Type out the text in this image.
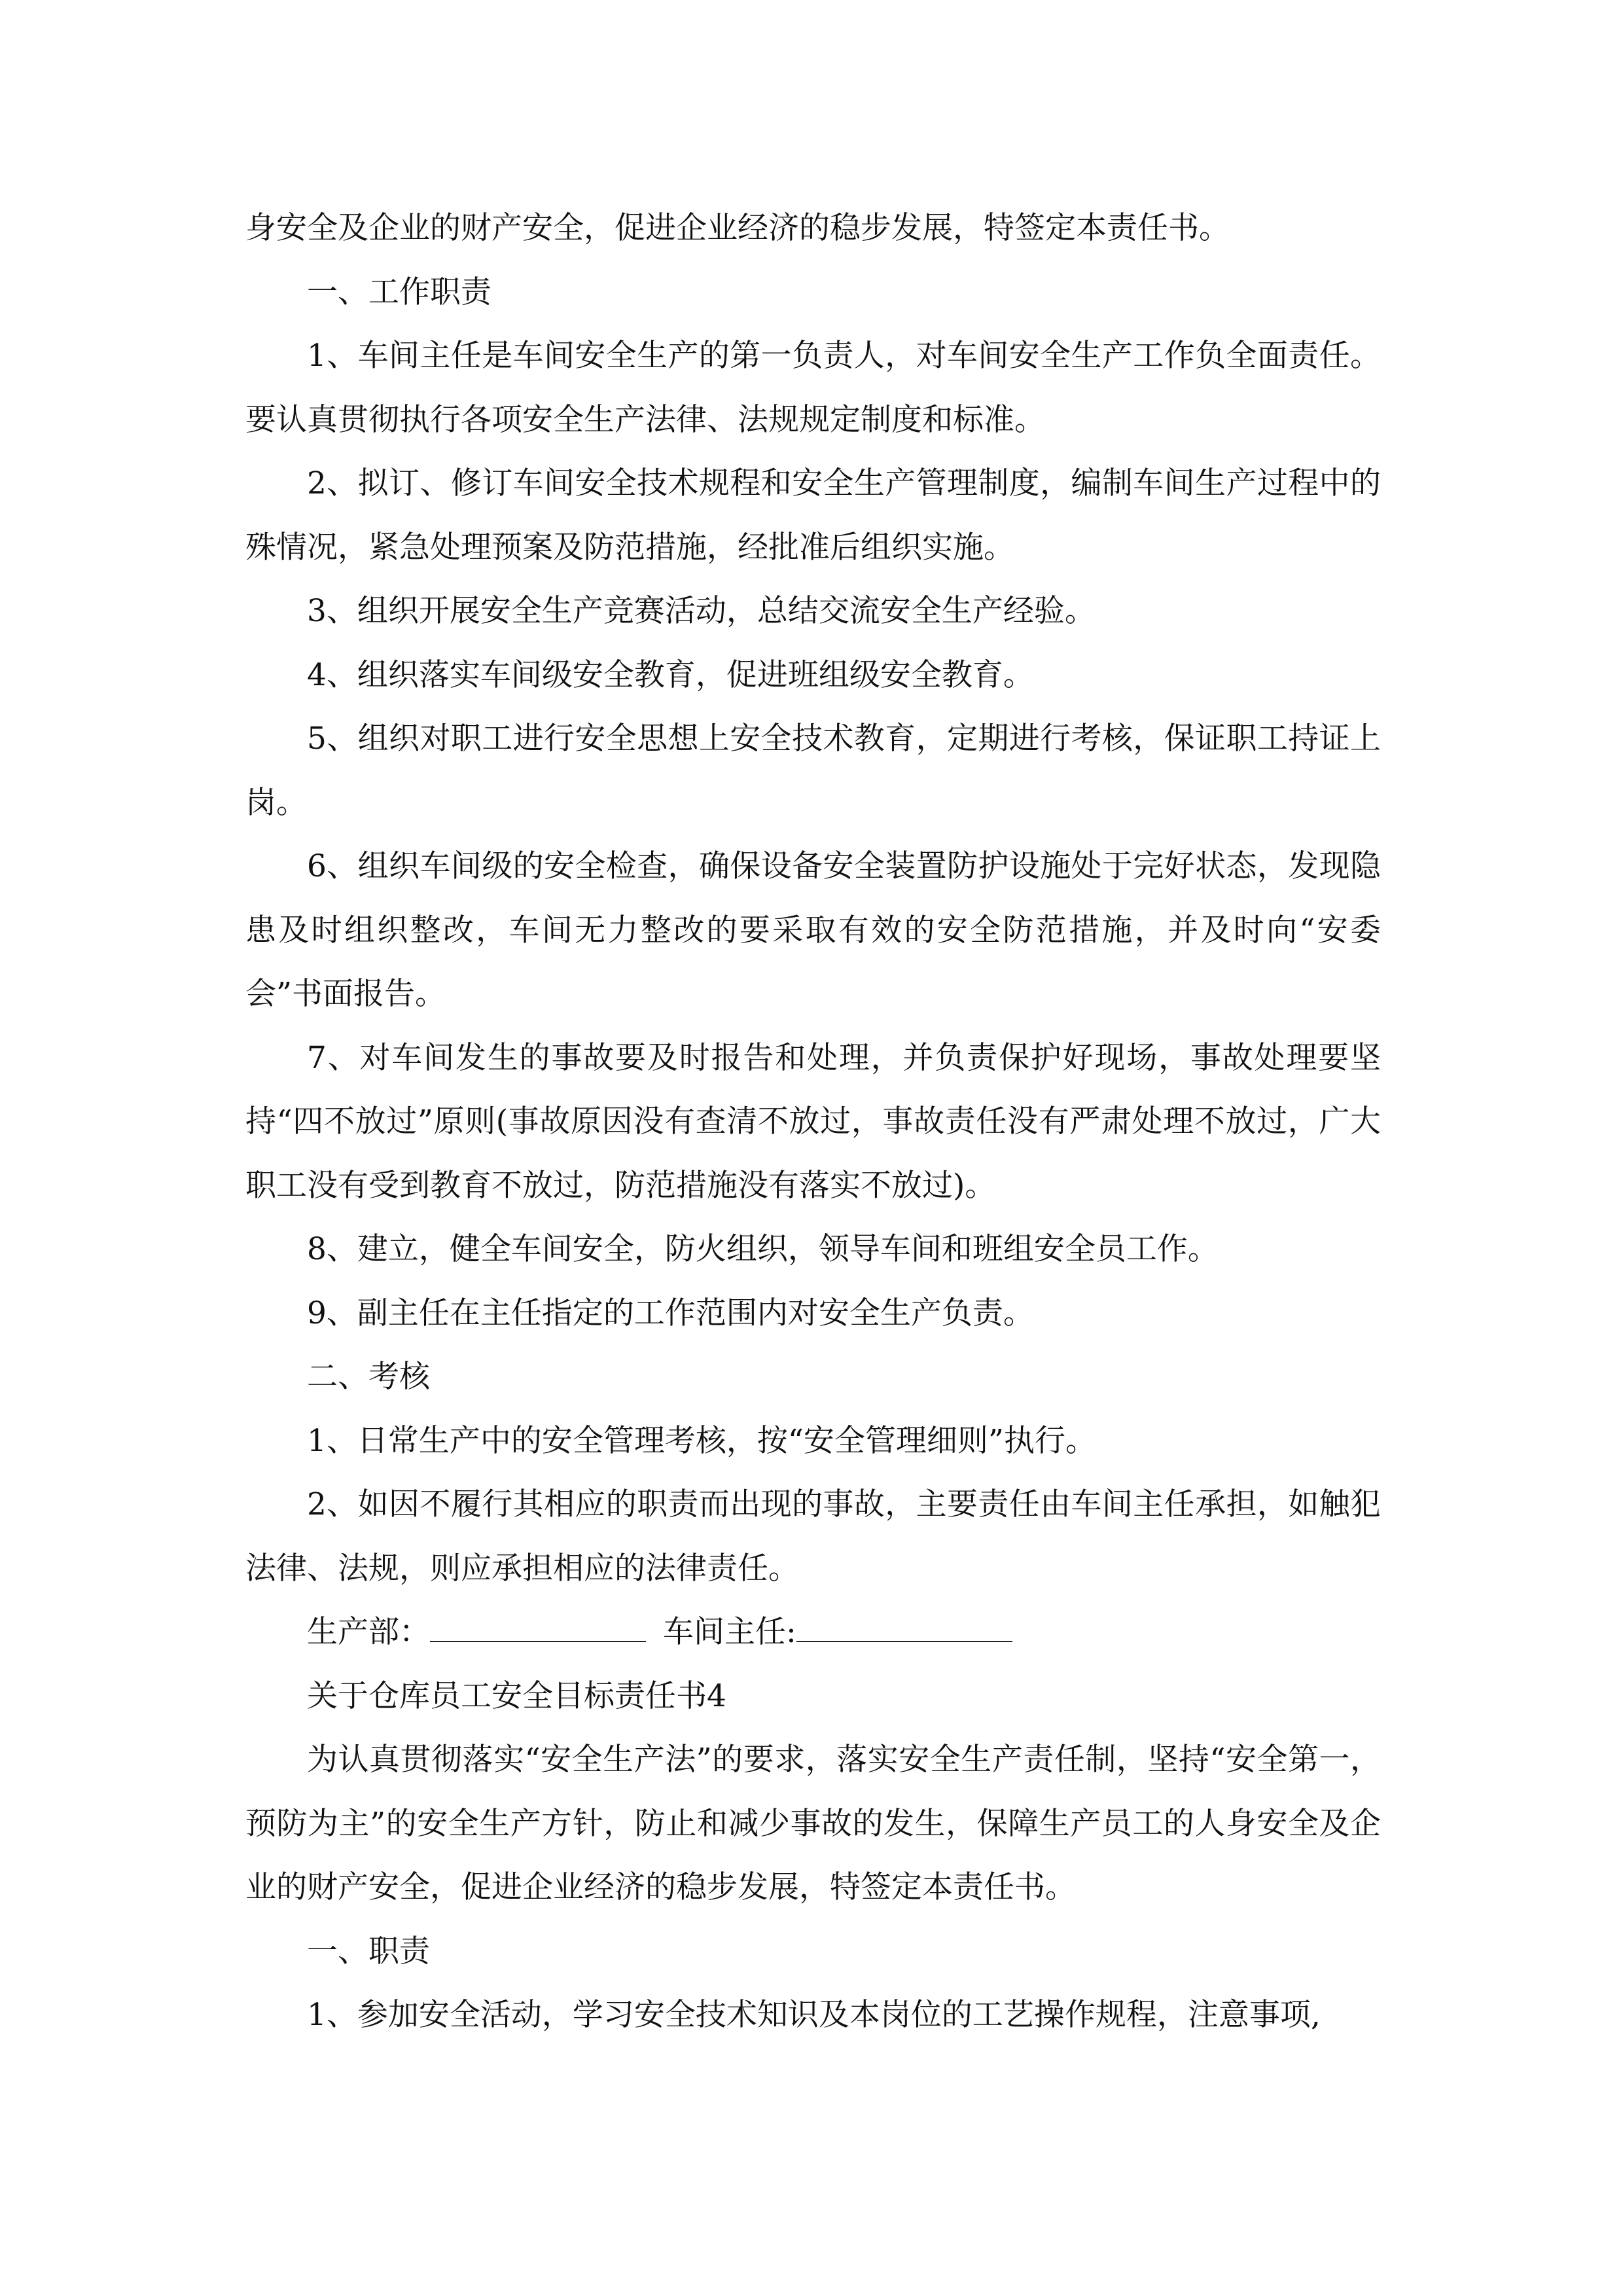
身安全及企业的财产安全，促进企业经济的稳步发展，特签定本责任书。

一、工作职责

1、车间主任是车间安全生产的第一负责人，对车间安全生产工作负全面责任。要认真贯彻执行各项安全生产法律、法规规定制度和标准。

2、拟订、修订车间安全技术规程和安全生产管理制度，编制车间生产过程中的 殊情况，紧急处理预案及防范措施，经批准后组织实施。

3、组织开展安全生产竞赛活动，总结交流安全生产经验。

4、组织落实车间级安全教育，促进班组级安全教育。

5、组织对职工进行安全思想上安全技术教育，定期进行考核，保证职工持证上岗。

6、组织车间级的安全检查，确保设备安全装置防护设施处于完好状态，发现隐患及时组织整改，车间无力整改的要采取有效的安全防范措施，并及时向“安委会”书面报告。

7、对车间发生的事故要及时报告和处理，并负责保护好现场，事故处理要坚持“四不放过”原则(事故原因没有查清不放过，事故责任没有严肃处理不放过，广大职工没有受到教育不放过，防范措施没有落实不放过)。

8、建立，健全车间安全，防火组织，领导车间和班组安全员工作。

9、副主任在主任指定的工作范围内对安全生产负责。

二、考核

1、日常生产中的安全管理考核，按“安全管理细则”执行。

2、如因不履行其相应的职责而出现的事故，主要责任由车间主任承担，如触犯法律、法规，则应承担相应的法律责任。

生产部：	车间主任:

关于仓库员工安全目标责任书4

为认真贯彻落实“安全生产法”的要求，落实安全生产责任制，坚持“安全第一，预防为主”的安全生产方针，防止和减少事故的发生，保障生产员工的人身安全及企业的财产安全，促进企业经济的稳步发展，特签定本责任书。

一、职责

1、参加安全活动，学习安全技术知识及本岗位的工艺操作规程，注意事项,
